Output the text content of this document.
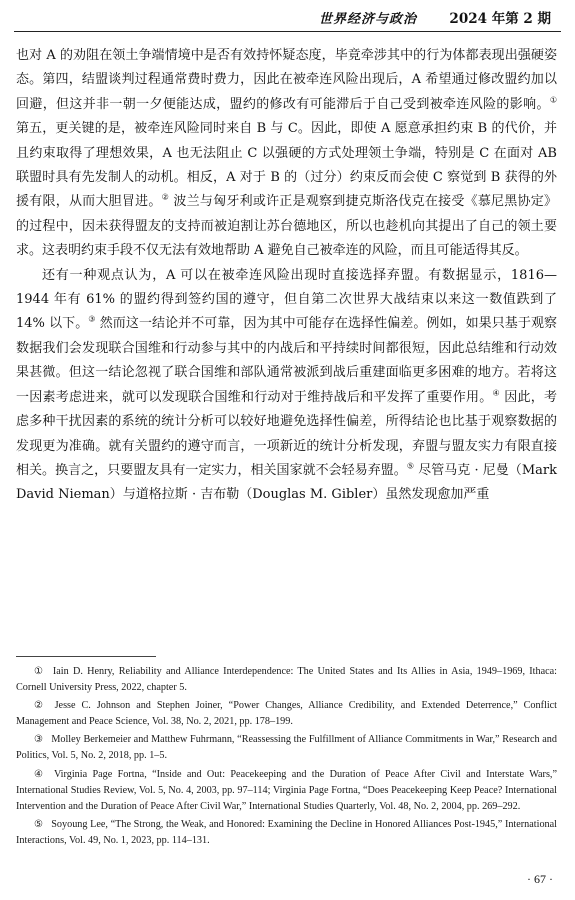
世界经济与政治 2024 年第 2 期

也对 A 的劝阻在领土争端情境中是否有效持怀疑态度，毕竟牵涉其中的行为体都表现出强硬姿态。第四，结盟谈判过程通常费时费力，因此在被牵连风险出现后，A 希望通过修改盟约加以回避，但这并非一朝一夕便能达成，盟约的修改有可能滞后于自己受到被牵连风险的影响。① 第五，更关键的是，被牵连风险同时来自 B 与 C。因此，即使 A 愿意承担约束 B 的代价，并且约束取得了理想效果，A 也无法阻止 C 以强硬的方式处理领土争端，特别是 C 在面对 AB 联盟时具有先发制人的动机。相反，A 对于 B 的（过分）约束反而会使 C 察觉到 B 获得的外援有限，从而大胆冒进。② 波兰与匈牙利或许正是观察到捷克斯洛伐克在接受《慕尼黑协定》的过程中，因未获得盟友的支持而被迫割让苏台德地区，所以也趁机向其提出了自己的领土要求。这表明约束手段不仅无法有效地帮助 A 避免自己被牵连的风险，而且可能适得其反。

还有一种观点认为，A 可以在被牵连风险出现时直接选择弃盟。有数据显示，1816—1944 年有 61% 的盟约得到签约国的遵守，但自第二次世界大战结束以来这一数值跌到了 14% 以下。③ 然而这一结论并不可靠，因为其中可能存在选择性偏差。例如，如果只基于观察数据我们会发现联合国维和行动参与其中的内战后和平持续时间都很短，因此总结维和行动效果甚微。但这一结论忽视了联合国维和部队通常被派到战后重建面临更多困难的地方。若将这一因素考虑进来，就可以发现联合国维和行动对于维持战后和平发挥了重要作用。④ 因此，考虑多种干扰因素的系统的统计分析可以较好地避免选择性偏差，所得结论也比基于观察数据的发现更为准确。就有关盟约的遵守而言，一项新近的统计分析发现，弃盟与盟友实力有限直接相关。换言之，只要盟友具有一定实力，相关国家就不会轻易弃盟。⑤ 尽管马克 · 尼曼（Mark David Nieman）与道格拉斯 · 吉布勒（Douglas M. Gibler）虽然发现愈加严重

① Iain D. Henry, Reliability and Alliance Interdependence: The United States and Its Allies in Asia, 1949–1969, Ithaca: Cornell University Press, 2022, chapter 5.

② Jesse C. Johnson and Stephen Joiner, “Power Changes, Alliance Credibility, and Extended Deterrence,” Conflict Management and Peace Science, Vol. 38, No. 2, 2021, pp. 178–199.

③ Molley Berkemeier and Matthew Fuhrmann, “Reassessing the Fulfillment of Alliance Commitments in War,” Research and Politics, Vol. 5, No. 2, 2018, pp. 1–5.

④ Virginia Page Fortna, “Inside and Out: Peacekeeping and the Duration of Peace After Civil and Interstate Wars,” International Studies Review, Vol. 5, No. 4, 2003, pp. 97–114; Virginia Page Fortna, “Does Peacekeeping Keep Peace? International Intervention and the Duration of Peace After Civil War,” International Studies Quarterly, Vol. 48, No. 2, 2004, pp. 269–292.

⑤ Soyoung Lee, “The Strong, the Weak, and Honored: Examining the Decline in Honored Alliances Post-1945,” International Interactions, Vol. 49, No. 1, 2023, pp. 114–131.

· 67 ·
